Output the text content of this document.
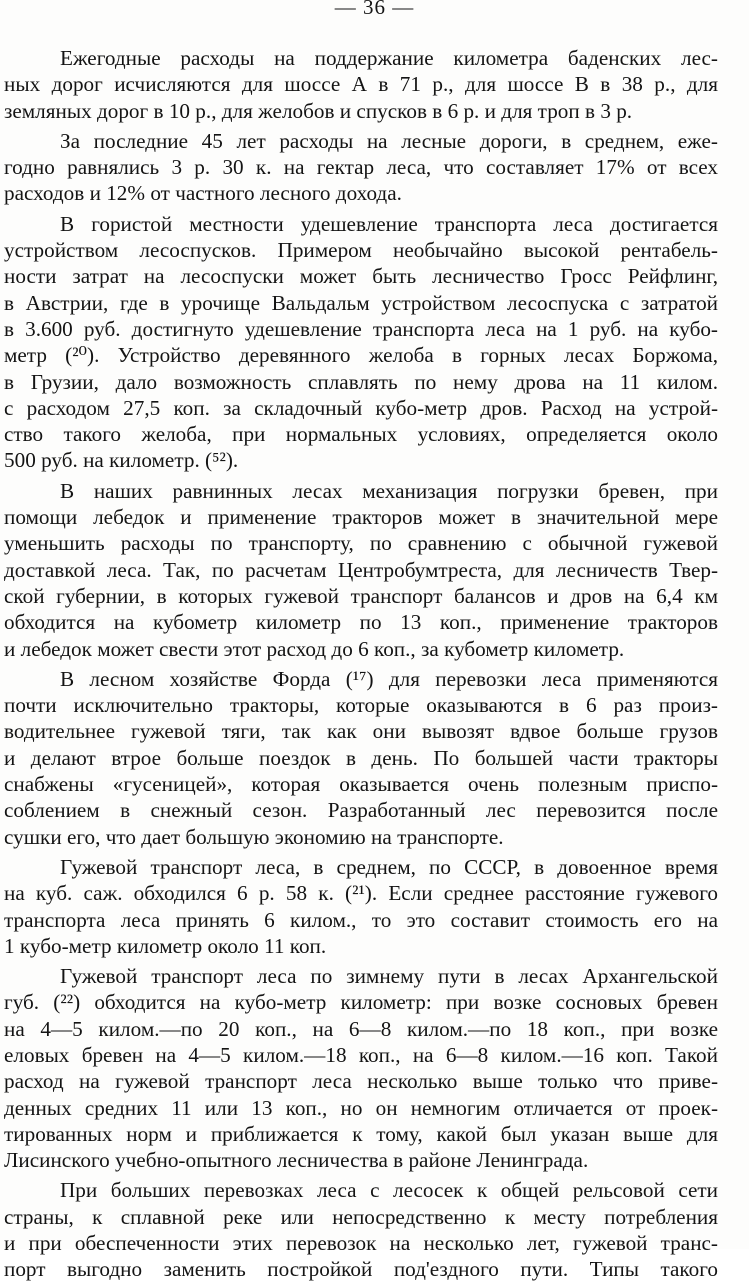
— 36 —
Ежегодные расходы на поддержание километра баденских лес-
ных дорог исчисляются для шоссе А в 71 р., для шоссе В в 38 р., для
земляных дорог в 10 р., для желобов и спусков в 6 р. и для троп в 3 р.
За последние 45 лет расходы на лесные дороги, в среднем, еже-
годно равнялись 3 р. 30 к. на гектар леса, что составляет 17% от всех
расходов и 12% от частного лесного дохода.
В гористой местности удешевление транспорта леса достигается
устройством лесоспусков. Примером необычайно высокой рентабель-
ности затрат на лесоспуски может быть лесничество Гросс Рейфлинг,
в Австрии, где в урочище Вальдальм устройством лесоспуска с затратой
в 3.600 руб. достигнуто удешевление транспорта леса на 1 руб. на кубо-
метр (²⁰). Устройство деревянного желоба в горных лесах Боржома,
в Грузии, дало возможность сплавлять по нему дрова на 11 килом.
с расходом 27,5 коп. за складочный кубо-метр дров. Расход на устрой-
ство такого желоба, при нормальных условиях, определяется около
500 руб. на километр. (⁵²).
В наших равнинных лесах механизация погрузки бревен, при
помощи лебедок и применение тракторов может в значительной мере
уменьшить расходы по транспорту, по сравнению с обычной гужевой
доставкой леса. Так, по расчетам Центробумтреста, для лесничеств Твер-
ской губернии, в которых гужевой транспорт балансов и дров на 6,4 км
обходится на кубометр километр по 13 коп., применение тракторов
и лебедок может свести этот расход до 6 коп., за кубометр километр.
В лесном хозяйстве Форда (¹⁷) для перевозки леса применяются
почти исключительно тракторы, которые оказываются в 6 раз произ-
водительнее гужевой тяги, так как они вывозят вдвое больше грузов
и делают втрое больше поездок в день. По большей части тракторы
снабжены «гусеницей», которая оказывается очень полезным приспо-
соблением в снежный сезон. Разработанный лес перевозится после
сушки его, что дает большую экономию на транспорте.
Гужевой транспорт леса, в среднем, по СССР, в довоенное время
на куб. саж. обходился 6 р. 58 к. (²¹). Если среднее расстояние гужевого
транспорта леса принять 6 килом., то это составит стоимость его на
1 кубо-метр километр около 11 коп.
Гужевой транспорт леса по зимнему пути в лесах Архангельской
губ. (²²) обходится на кубо-метр километр: при возке сосновых бревен
на 4—5 килом.—по 20 коп., на 6—8 килом.—по 18 коп., при возке
еловых бревен на 4—5 килом.—18 коп., на 6—8 килом.—16 коп. Такой
расход на гужевой транспорт леса несколько выше только что приве-
денных средних 11 или 13 коп., но он немногим отличается от проек-
тированных норм и приближается к тому, какой был указан выше для
Лисинского учебно-опытного лесничества в районе Ленинграда.
При больших перевозках леса с лесосек к общей рельсовой сети
страны, к сплавной реке или непосредственно к месту потребления
и при обеспеченности этих перевозок на несколько лет, гужевой транс-
порт выгодно заменить постройкой под'ездного пути. Типы такого
